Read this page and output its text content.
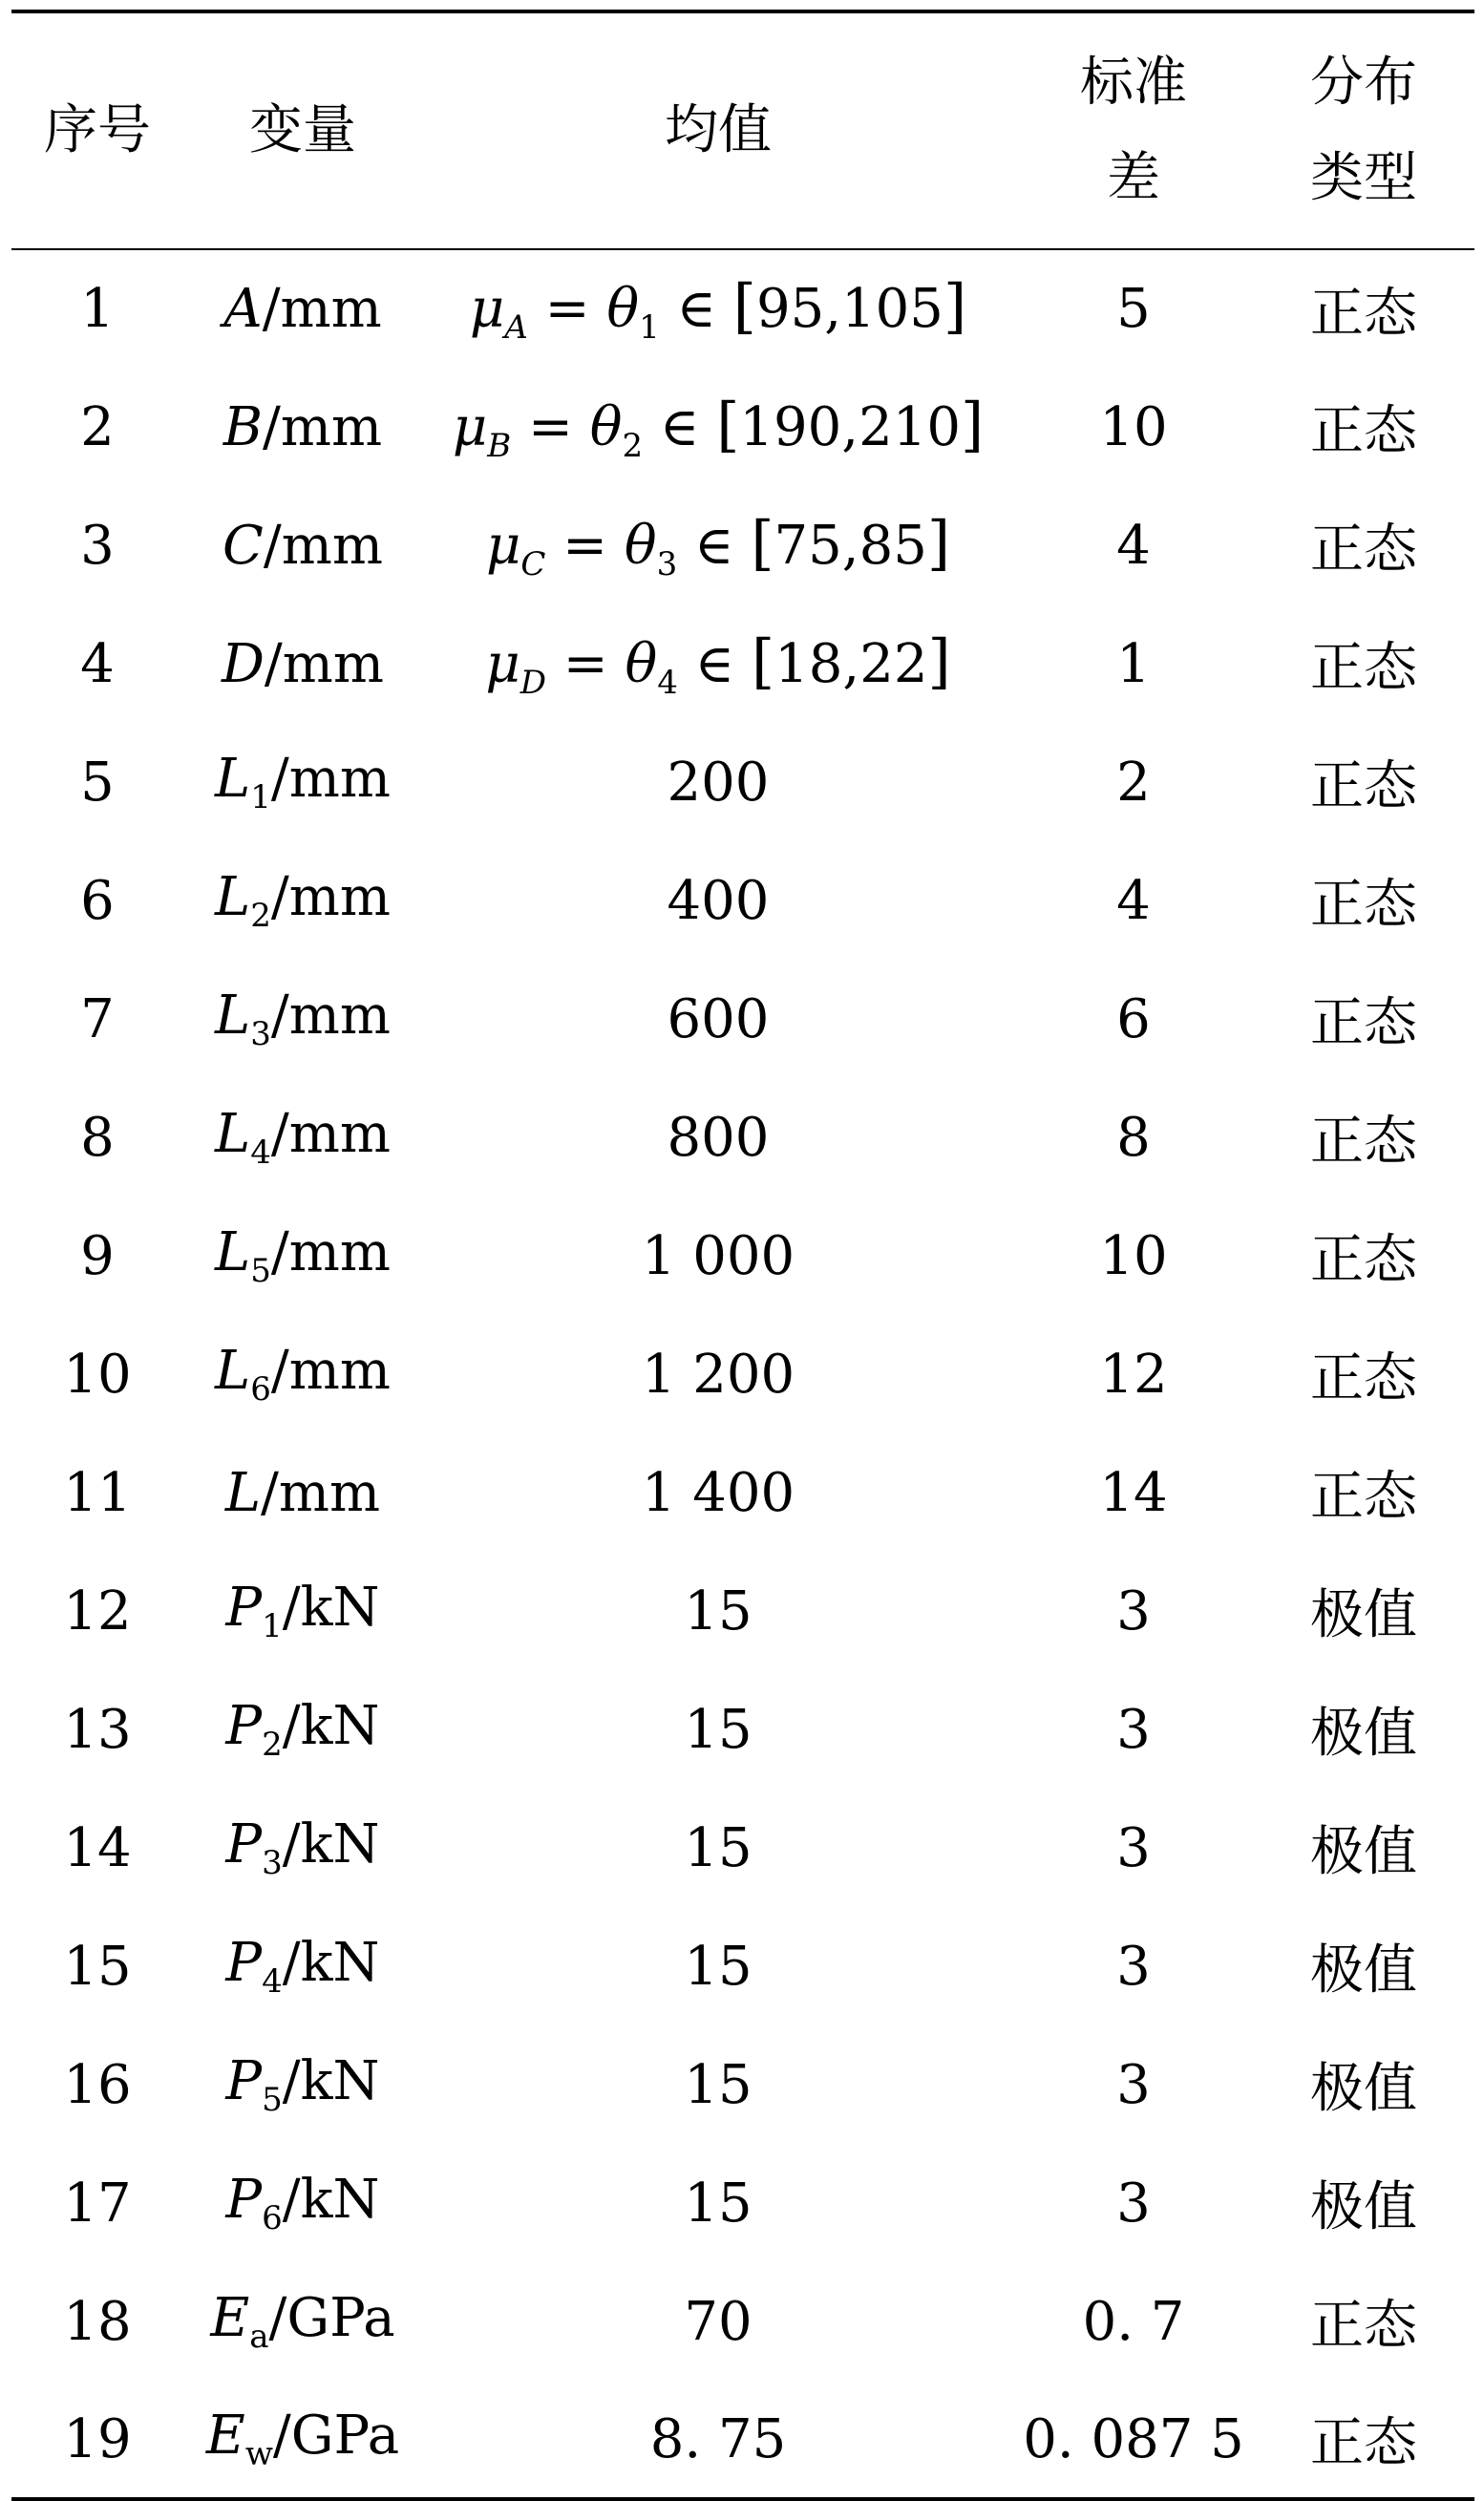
序号	变量	均值	标准差	分布类型

1	A/mm	$\mu_A = \theta_1$ ∈ [95,105]	5	正态
2	B/mm	$\mu_B = \theta_2$ ∈ [190,210]	10	正态
3	C/mm	$\mu_C = \theta_3$ ∈ [75,85]	4	正态
4	D/mm	$\mu_D = \theta_4$ ∈ [18,22]	1	正态
5	$L_1/mm$	200	2	正态
6	$L_2/mm$	400	4	正态
7	$L_3/mm$	600	6	正态
8	$L_4/mm$	800	8	正态
9	$L_5/mm$	1 000	10	正态
10	$L_6/mm$	1 200	12	正态
11	L/mm	1 400	14	正态
12	$P_1/kN$	15	3	极值
13	$P_2/kN$	15	3	极值
14	$P_3/kN$	15	3	极值
15	$P_4/kN$	15	3	极值
16	$P_5/kN$	15	3	极值
17	$P_6/kN$	15	3	极值
18	$E_a$/GPa	70	0. 7	正态
19	$E_w$/GPa	8. 75	0. 087 5	正态
